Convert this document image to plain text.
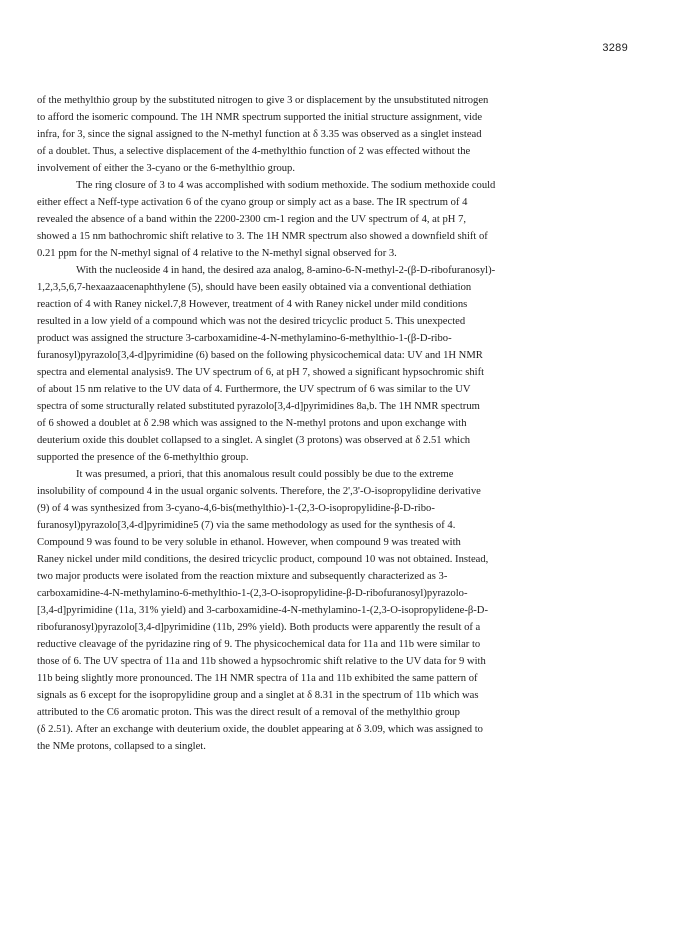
3289
of the methylthio group by the substituted nitrogen to give 3 or displacement by the unsubstituted nitrogen
to afford the isomeric compound. The 1H NMR spectrum supported the initial structure assignment, vide
infra, for 3, since the signal assigned to the N-methyl function at δ 3.35 was observed as a singlet instead
of a doublet. Thus, a selective displacement of the 4-methylthio function of 2 was effected without the
involvement of either the 3-cyano or the 6-methylthio group.
The ring closure of 3 to 4 was accomplished with sodium methoxide. The sodium methoxide could
either effect a Neff-type activation 6 of the cyano group or simply act as a base. The IR spectrum of 4
revealed the absence of a band within the 2200-2300 cm-1 region and the UV spectrum of 4, at pH 7,
showed a 15 nm bathochromic shift relative to 3. The 1H NMR spectrum also showed a downfield shift of
0.21 ppm for the N-methyl signal of 4 relative to the N-methyl signal observed for 3.
With the nucleoside 4 in hand, the desired aza analog, 8-amino-6-N-methyl-2-(β-D-ribofuranosyl)-
1,2,3,5,6,7-hexaazaacenaphthylene (5), should have been easily obtained via a conventional dethiation
reaction of 4 with Raney nickel.7,8 However, treatment of 4 with Raney nickel under mild conditions
resulted in a low yield of a compound which was not the desired tricyclic product 5. This unexpected
product was assigned the structure 3-carboxamidine-4-N-methylamino-6-methylthio-1-(β-D-ribo-
furanosyl)pyrazolo[3,4-d]pyrimidine (6) based on the following physicochemical data: UV and 1H NMR
spectra and elemental analysis9. The UV spectrum of 6, at pH 7, showed a significant hypsochromic shift
of about 15 nm relative to the UV data of 4. Furthermore, the UV spectrum of 6 was similar to the UV
spectra of some structurally related substituted pyrazolo[3,4-d]pyrimidines 8a,b. The 1H NMR spectrum
of 6 showed a doublet at δ 2.98 which was assigned to the N-methyl protons and upon exchange with
deuterium oxide this doublet collapsed to a singlet. A singlet (3 protons) was observed at δ 2.51 which
supported the presence of the 6-methylthio group.
It was presumed, a priori, that this anomalous result could possibly be due to the extreme
insolubility of compound 4 in the usual organic solvents. Therefore, the 2',3'-O-isopropylidine derivative
(9) of 4 was synthesized from 3-cyano-4,6-bis(methylthio)-1-(2,3-O-isopropylidine-β-D-ribo-
furanosyl)pyrazolo[3,4-d]pyrimidine5 (7) via the same methodology as used for the synthesis of 4.
Compound 9 was found to be very soluble in ethanol. However, when compound 9 was treated with
Raney nickel under mild conditions, the desired tricyclic product, compound 10 was not obtained. Instead,
two major products were isolated from the reaction mixture and subsequently characterized as 3-
carboxamidine-4-N-methylamino-6-methylthio-1-(2,3-O-isopropylidine-β-D-ribofuranosyl)pyrazolo-
[3,4-d]pyrimidine (11a, 31% yield) and 3-carboxamidine-4-N-methylamino-1-(2,3-O-isopropylidene-β-D-
ribofuranosyl)pyrazolo[3,4-d]pyrimidine (11b, 29% yield). Both products were apparently the result of a
reductive cleavage of the pyridazine ring of 9. The physicochemical data for 11a and 11b were similar to
those of 6. The UV spectra of 11a and 11b showed a hypsochromic shift relative to the UV data for 9 with
11b being slightly more pronounced. The 1H NMR spectra of 11a and 11b exhibited the same pattern of
signals as 6 except for the isopropylidine group and a singlet at δ 8.31 in the spectrum of 11b which was
attributed to the C6 aromatic proton. This was the direct result of a removal of the methylthio group
(δ 2.51). After an exchange with deuterium oxide, the doublet appearing at δ 3.09, which was assigned to
the NMe protons, collapsed to a singlet.
